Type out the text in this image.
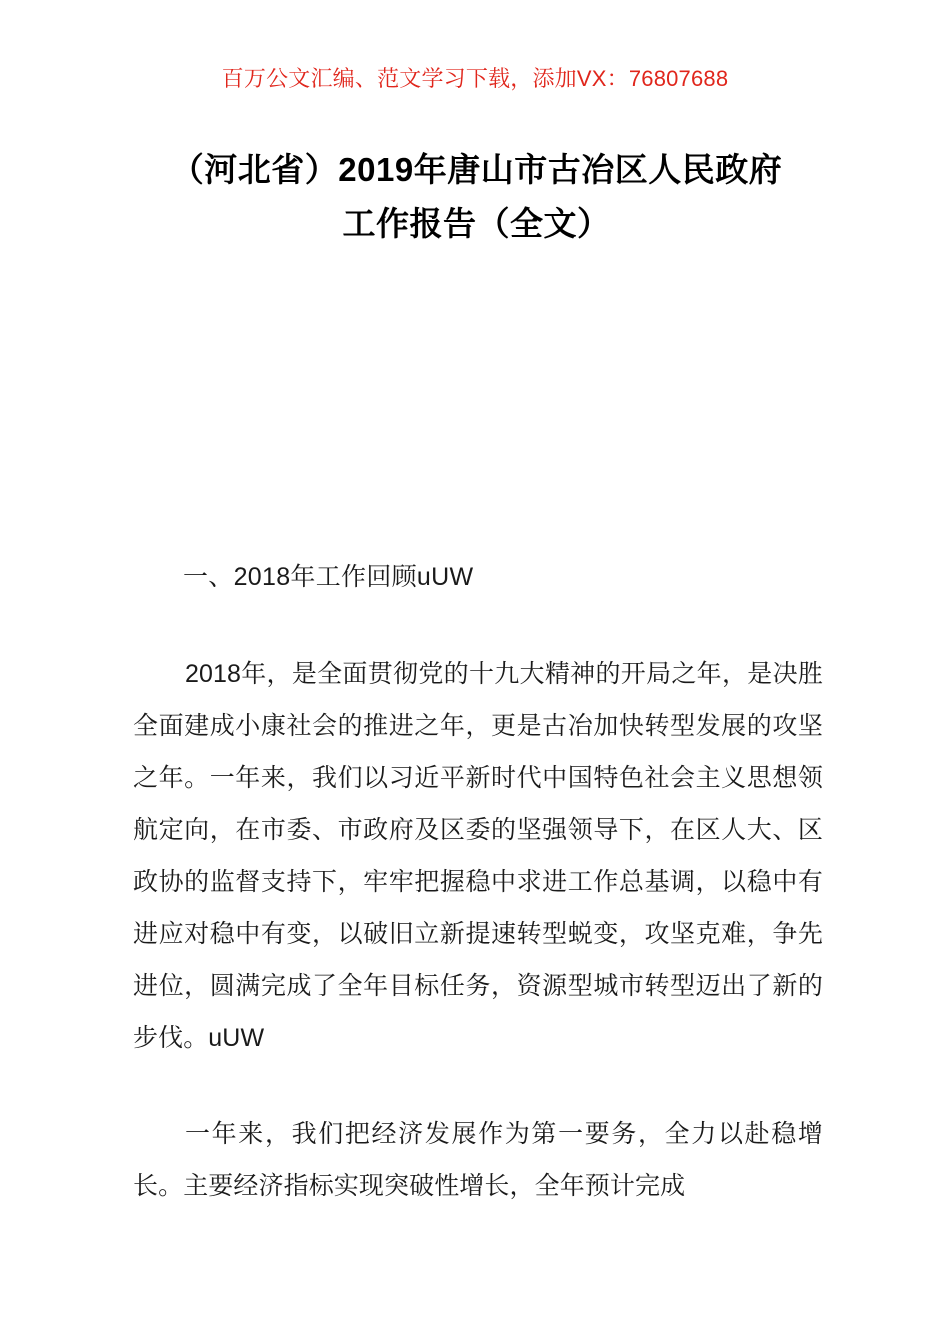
百万公文汇编、范文学习下载，添加VX：76807688
（河北省）2019年唐山市古冶区人民政府
工作报告（全文）
一、2018年工作回顾uUW

2018年，是全面贯彻党的十九大精神的开局之年，是决胜全面建成小康社会的推进之年，更是古冶加快转型发展的攻坚之年。一年来，我们以习近平新时代中国特色社会主义思想领航定向，在市委、市政府及区委的坚强领导下，在区人大、区政协的监督支持下，牢牢把握稳中求进工作总基调，以稳中有进应对稳中有变，以破旧立新提速转型蜕变，攻坚克难，争先进位，圆满完成了全年目标任务，资源型城市转型迈出了新的步伐。uUW

一年来，我们把经济发展作为第一要务，全力以赴稳增长。主要经济指标实现突破性增长，全年预计完成
